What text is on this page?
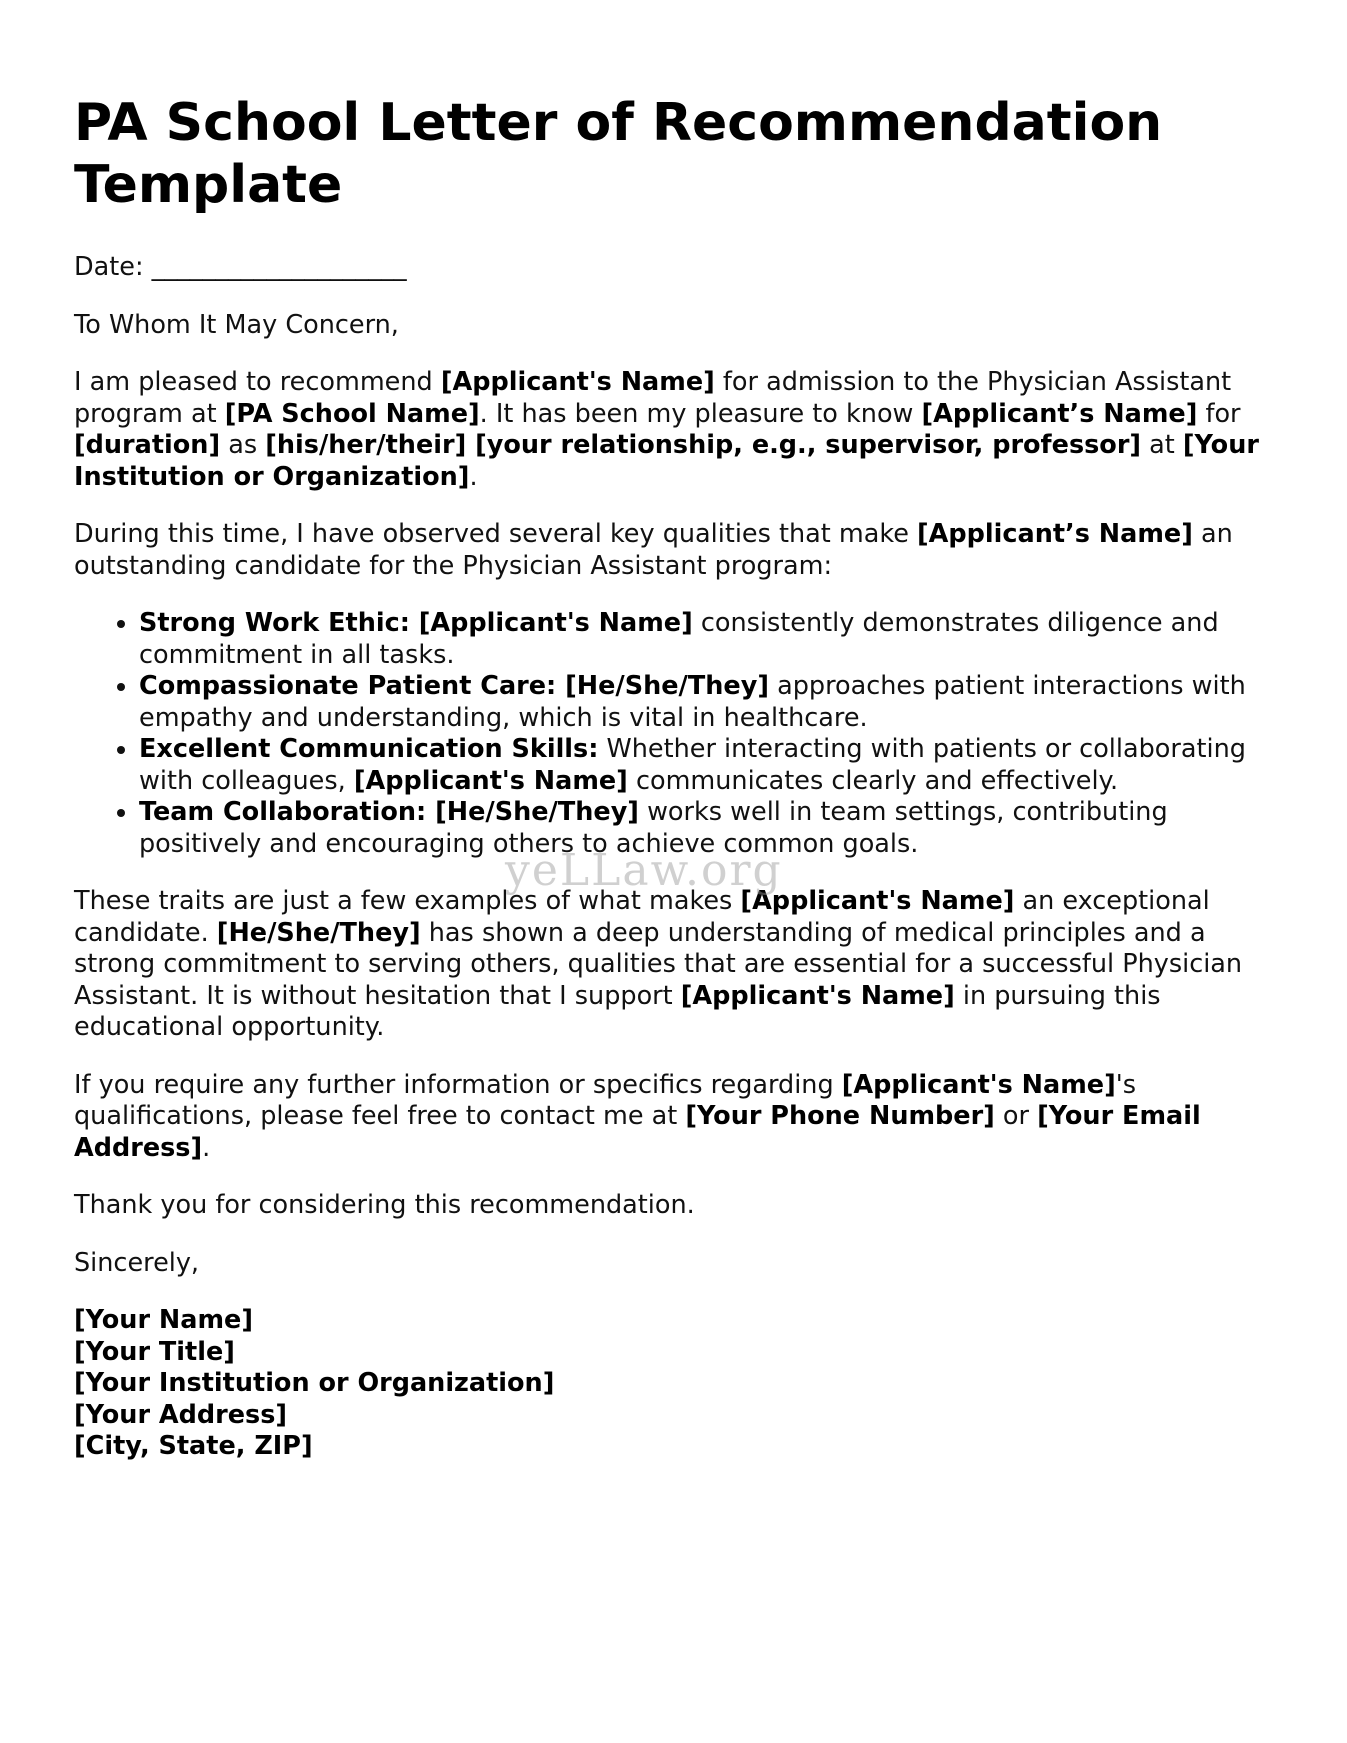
PA School Letter of Recommendation Template

Date: ____________________

To Whom It May Concern,

I am pleased to recommend [Applicant's Name] for admission to the Physician Assistant program at [PA School Name]. It has been my pleasure to know [Applicant’s Name] for [duration] as [his/her/their] [your relationship, e.g., supervisor, professor] at [Your Institution or Organization].

During this time, I have observed several key qualities that make [Applicant’s Name] an outstanding candidate for the Physician Assistant program:

• Strong Work Ethic: [Applicant's Name] consistently demonstrates diligence and commitment in all tasks.
• Compassionate Patient Care: [He/She/They] approaches patient interactions with empathy and understanding, which is vital in healthcare.
• Excellent Communication Skills: Whether interacting with patients or collaborating with colleagues, [Applicant's Name] communicates clearly and effectively.
• Team Collaboration: [He/She/They] works well in team settings, contributing positively and encouraging others to achieve common goals.

These traits are just a few examples of what makes [Applicant's Name] an exceptional candidate. [He/She/They] has shown a deep understanding of medical principles and a strong commitment to serving others, qualities that are essential for a successful Physician Assistant. It is without hesitation that I support [Applicant's Name] in pursuing this educational opportunity.

If you require any further information or specifics regarding [Applicant's Name]'s qualifications, please feel free to contact me at [Your Phone Number] or [Your Email Address].

Thank you for considering this recommendation.

Sincerely,

[Your Name]

[Your Title]

[Your Institution or Organization]

[Your Address]

[City, State, ZIP]

yeLLaw.org
